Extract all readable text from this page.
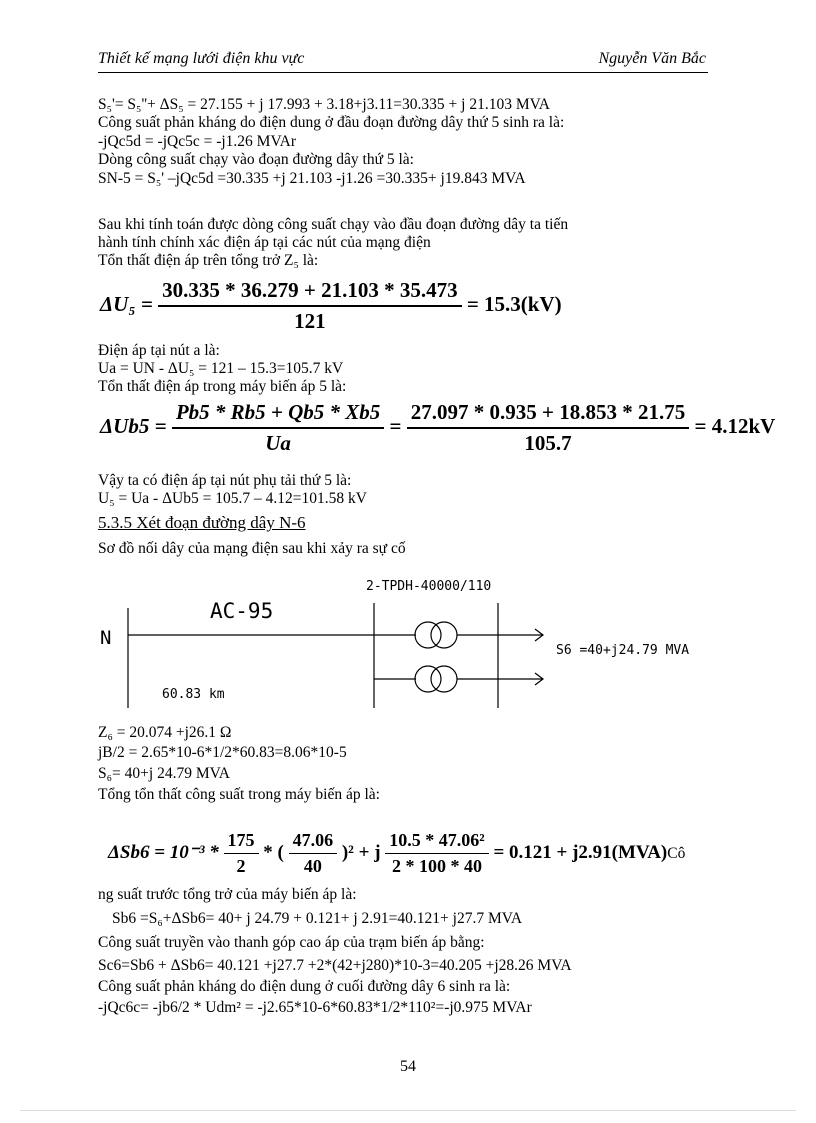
Thiết kế mạng lưới điện khu vực	Nguyễn Văn Bắc
S₅'= S₅''+ ΔS₅ = 27.155 + j 17.993 + 3.18+j3.11=30.335 + j 21.103 MVA
Công suất phản kháng do điện dung ở đầu đoạn đường dây thứ 5 sinh ra là:
-jQc5d = -jQc5c = -j1.26 MVAr
Dòng công suất chạy vào đoạn đường dây thứ 5 là:
SN-5 = S₅' –jQc5d =30.335 +j 21.103 -j1.26 =30.335+ j19.843 MVA
Sau khi tính toán được dòng công suất chạy vào đầu đoạn đường dây ta tiến
hành tính chính xác điện áp tại các nút của mạng điện
Tổn thất điện áp trên tổng trở Z₅ là:
$\Delta U_5 = \frac{30.335 * 36.279 + 21.103 * 35.473}{121} = 15.3(kV)$
Điện áp tại nút a là:
Ua = UN - ΔU₅ = 121 – 15.3=105.7 kV
Tổn thất điện áp trong máy biến áp 5 là:
$\Delta Ub5 = \frac{Pb5 * Rb5 + Qb5 * Xb5}{Ua} = \frac{27.097 * 0.935 + 18.853 * 21.75}{105.7} = 4.12kV$
Vậy ta có điện áp tại nút phụ tải thứ 5 là:
U₅ = Ua - ΔUb5 = 105.7 – 4.12=101.58 kV
5.3.5 Xét đoạn đường dây N-6
Sơ đồ nối dây của mạng điện sau khi xảy ra sự cố
2-TPDH-40000/110
AC-95
N
60.83 km
S6 =40+j24.79 MVA
Z₆ = 20.074 +j26.1 Ω
jB/2 = 2.65*10-6*1/2*60.83=8.06*10-5
S₆= 40+j 24.79 MVA
Tổng tổn thất công suất trong máy biến áp là:
$\Delta Sb6 = 10^{-3} * \frac{175}{2}$ * ( $\frac{47.06}{40} )^2 + j \frac{\text{10.5 * 47.06²}}{2 * 100 * 40} = 0.121$ + j2.91(MVA)Cô
ng suất trước tổng trở của máy biến áp là:
Sb6 =S₆+ΔSb6= 40+ j 24.79 + 0.121+ j 2.91=40.121+ j27.7 MVA
Công suất truyền vào thanh góp cao áp của trạm biến áp bằng:
Sc6=Sb6 + ΔSb6= 40.121 +j27.7 +2*(42+j280)*10-3=40.205 +j28.26 MVA
Công suất phản kháng do điện dung ở cuối đường dây 6 sinh ra là:
-jQc6c= -jb6/2 * Udm² = -j2.65*10-6*60.83*1/2*110²=-j0.975 MVAr
54
